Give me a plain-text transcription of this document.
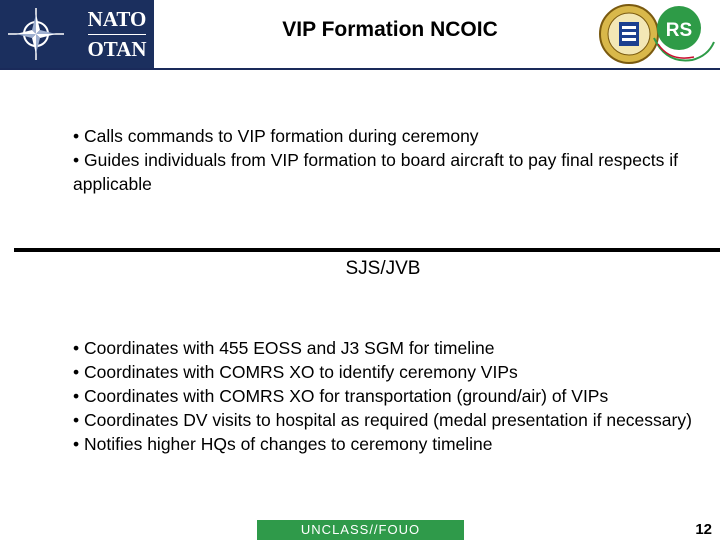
NATO
OTAN
VIP Formation NCOIC	RS

• Calls commands to VIP formation during ceremony

• Guides individuals from VIP formation to board aircraft to pay final respects if applicable

SJS/JVB

• Coordinates with 455 EOSS and J3 SGM for timeline

• Coordinates with COMRS XO to identify ceremony VIPs

• Coordinates with COMRS XO for transportation (ground/air) of VIPs

• Coordinates DV visits to hospital as required (medal presentation if necessary)

• Notifies higher HQs of changes to ceremony timeline

UNCLASS//FOUO	12
